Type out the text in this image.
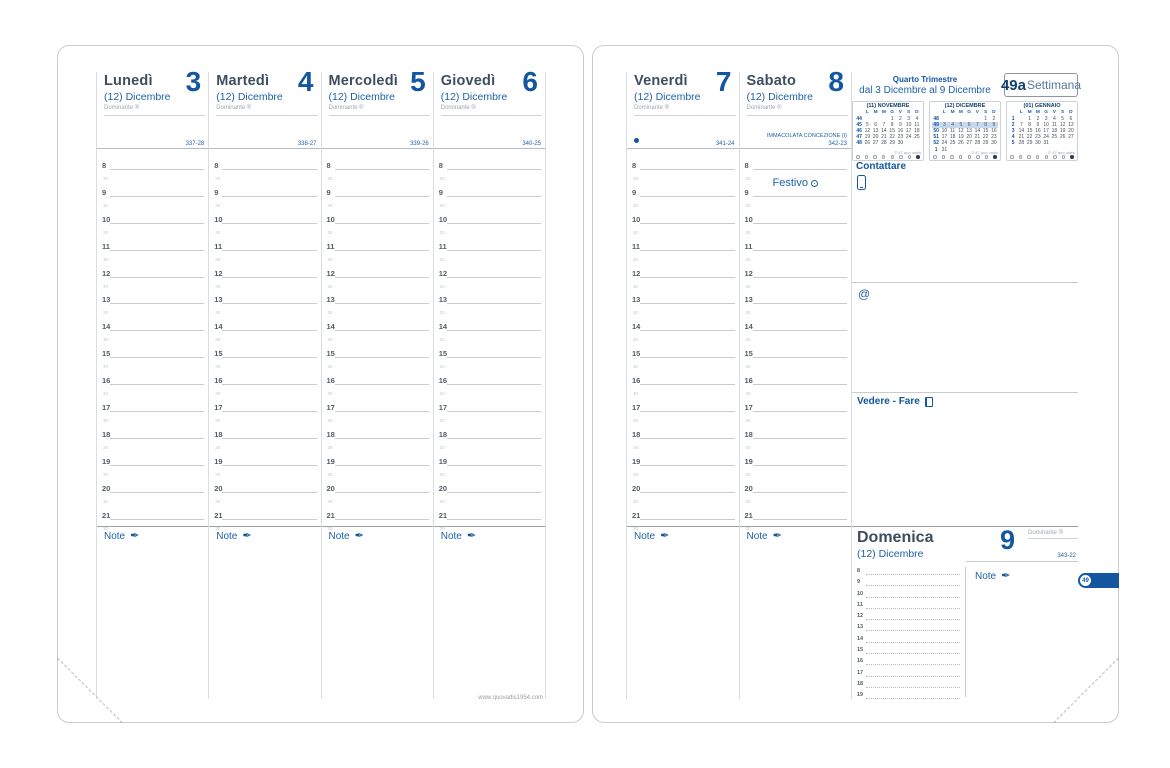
Lunedì 3
(12) Dicembre
Dominante ®
337-28
8
30
9
30
10
30
11
30
12
30
13
30
14
30
15
30
16
30
17
30
18
30
19
30
20
30
21
30
Note ✒
Martedì 4
(12) Dicembre
Dominante ®
338-27
8
30
9
30
10
30
11
30
12
30
13
30
14
30
15
30
16
30
17
30
18
30
19
30
20
30
21
30
Note ✒
Mercoledì 5
(12) Dicembre
Dominante ®
339-26
8
30
9
30
10
30
11
30
12
30
13
30
14
30
15
30
16
30
17
30
18
30
19
30
20
30
21
30
Note ✒
Giovedì 6
(12) Dicembre
Dominante ®
340-25
8
30
9
30
10
30
11
30
12
30
13
30
14
30
15
30
16
30
17
30
18
30
19
30
20
30
21
30
Note ✒
www.quovadis1954.com
Venerdì 7
(12) Dicembre
Dominante ®
341-24
8
30
9
30
10
30
11
30
12
30
13
30
14
30
15
30
16
30
17
30
18
30
19
30
20
30
21
30
Note ✒
Sabato 8
(12) Dicembre
Dominante ®
342-23
IMMACOLATA CONCEZIONE (I)
8
30
9
30
10
30
11
30
12
30
13
30
14
30
15
30
16
30
17
30
18
30
19
30
20
30
21
30
Festivo
Note ✒
Quarto Trimestre
dal 3 Dicembre al 9 Dicembre 49a Settimana
(11) NOVEMBRE
	L	M	M	G	V	S	D
44				1	2	3	4
45	5	6	7	8	9	10	11
46	12	13	14	15	16	17	18
47	19	20	21	22	23	24	25
48	26	27	28	29	30		
© 47 quo vadis
(12) DICEMBRE
	L	M	M	G	V	S	D
48						1	2
49	3	4	5	6	7	8	9
50	10	11	12	13	14	15	16
51	17	18	19	20	21	22	23
52	24	25	26	27	28	29	30
1	31							© 47 quo vadis
(01) GENNAIO
	L	M	M	G	V	S	D
1		1	2	3	4	5	6
2	7	8	9	10	11	12	13
3	14	15	16	17	18	19	20
4	21	22	23	24	25	26	27
5	28	29	30	31			
© 47 quo vadis
Contattare
@
Vedere - Fare
Domenica
(12) Dicembre	9 Dominante ®
343-22
8
9
10
11
12
13
14
15
16
17
18
19
Note ✒	49
